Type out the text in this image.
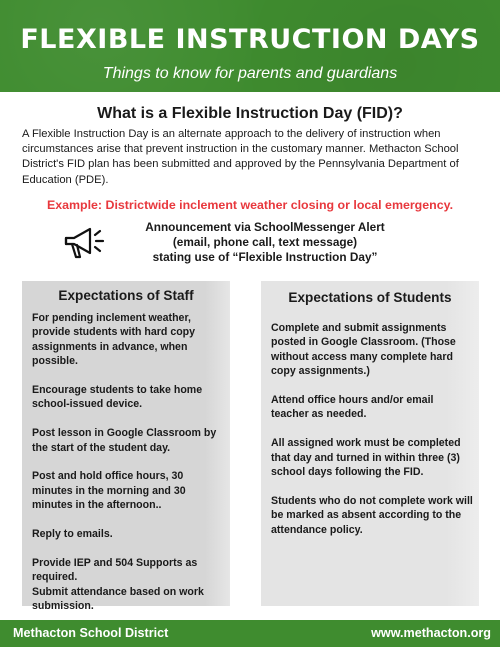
FLEXIBLE INSTRUCTION DAYS
Things to know for parents and guardians
What is a Flexible Instruction Day (FID)?

A Flexible Instruction Day is an alternate approach to the delivery of instruction when circumstances arise that prevent instruction in the customary manner. Methacton School District's FID plan has been submitted and approved by the Pennsylvania Department of Education (PDE).

Example: Districtwide inclement weather closing or local emergency.
Announcement via SchoolMessenger Alert
(email, phone call, text message)
stating use of “Flexible Instruction Day”
Expectations of Staff
For pending inclement weather, provide students with hard copy assignments in advance, when possible.
Encourage students to take home school-issued device.
Post lesson in Google Classroom by the start of the student day.
Post and hold office hours, 30 minutes in the morning and 30 minutes in the afternoon..
Reply to emails.
Provide IEP and 504 Supports as required.
Submit attendance based on work submission.
Expectations of Students
Complete and submit assignments posted in Google Classroom. (Those without access many complete hard copy assignments.)
Attend office hours and/or email teacher as needed.
All assigned work must be completed that day and turned in within three (3) school days following the FID.
Students who do not complete work will be marked as absent according to the attendance policy.
Methacton School District	www.methacton.org
